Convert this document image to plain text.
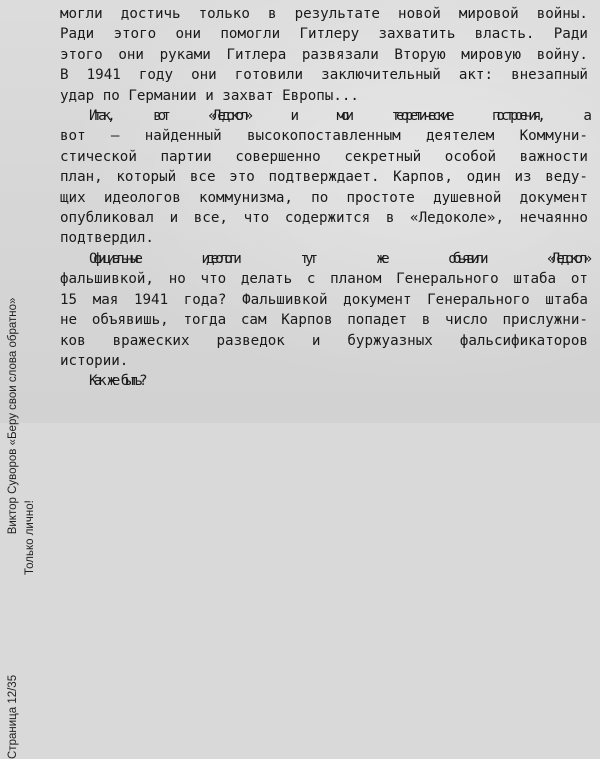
Страница 12/35                                            Виктор Суворов «Беру свои слова обратно»
Только лично!
могли достичь только в результате новой мировой войны.
Ради этого они помогли Гитлеру захватить власть. Ради
этого они руками Гитлера развязали Вторую мировую войну.
В 1941 году они готовили заключительный акт: внезапный
удар по Германии и захват Европы...
Итак,	вот	«Ледокол»	и	мои	теоретические	построения,	а
вот – найденный высокопоставленным деятелем Коммуни-
стической партии совершенно секретный особой важности
план, который все это подтверждает. Карпов, один из веду-
щих идеологов коммунизма, по простоте душевной документ
опубликовал и все, что содержится в «Ледоколе», нечаянно
подтвердил.
Официальные	идеологи	тут	же	объявили	«Ледокол»
фальшивкой, но что делать с планом Генерального штаба от
15 мая 1941 года? Фальшивкой документ Генерального штаба
не объявишь, тогда сам Карпов попадет в число прислужни-
ков вражеских разведок и буржуазных фальсификаторов
истории.
Как же быть?
